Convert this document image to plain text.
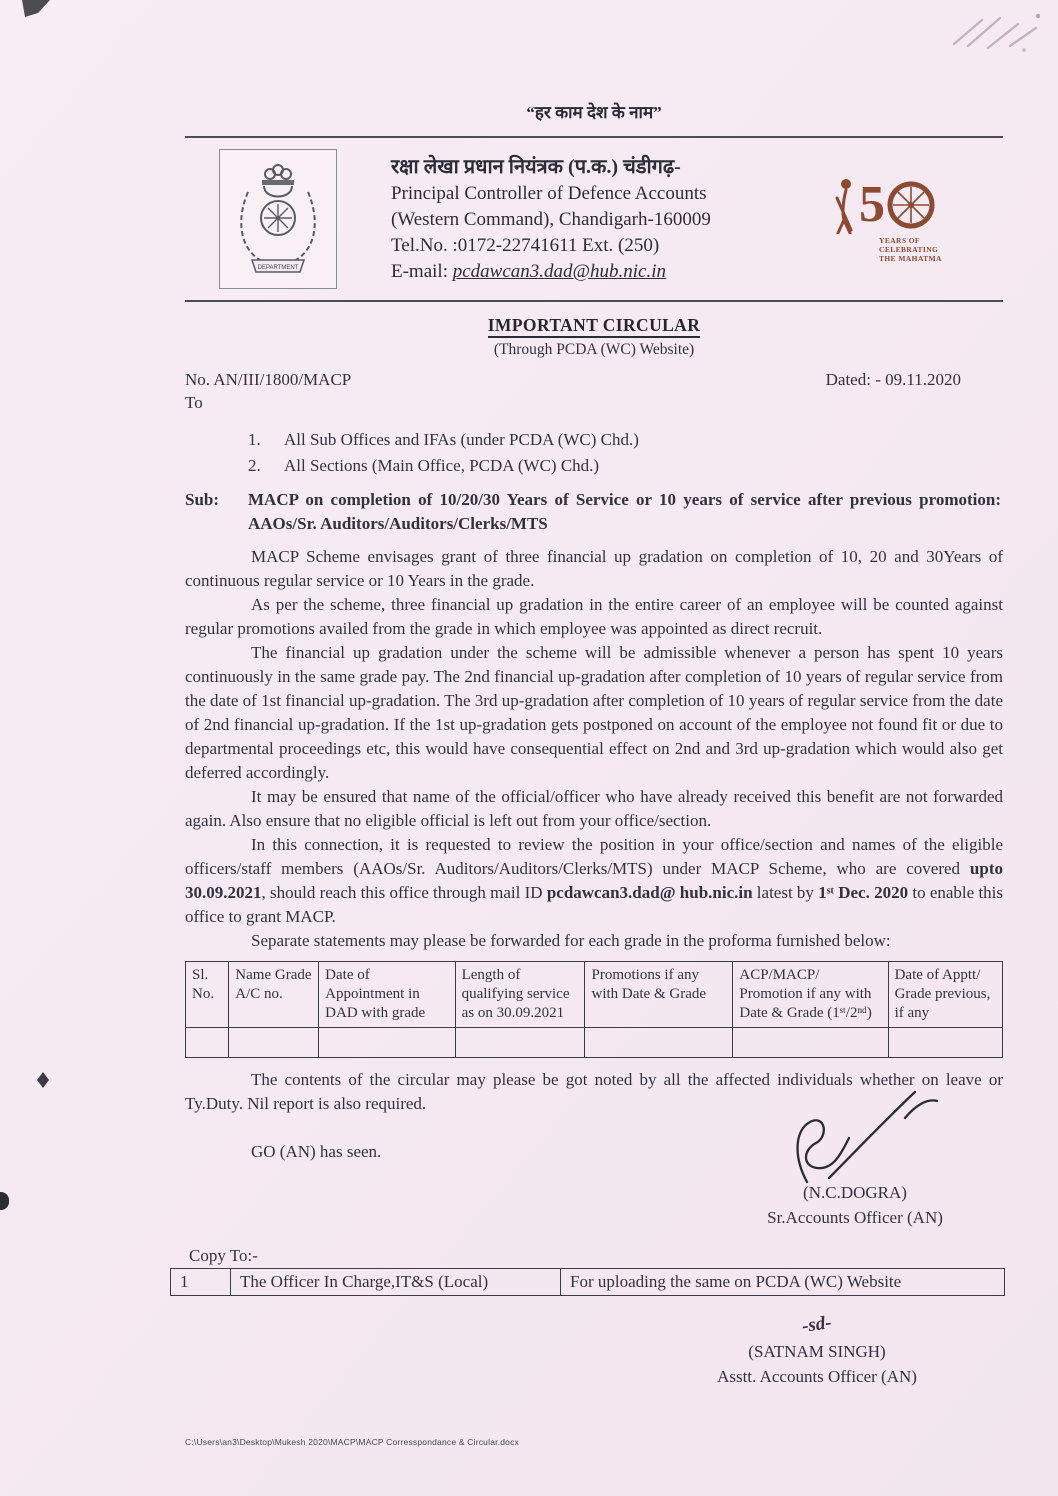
“हर काम देश के नाम”
DEPARTMENT
रक्षा लेखा प्रधान नियंत्रक (प.क.) चंडीगढ़-
Principal Controller of Defence Accounts
(Western Command), Chandigarh-160009
Tel.No. :0172-22741611 Ext. (250)
E-mail: pcdawcan3.dad@hub.nic.in
5
YEARS OF
CELEBRATING
THE MAHATMA
IMPORTANT CIRCULAR
(Through PCDA (WC) Website)
No. AN/III/1800/MACP	Dated: - 09.11.2020
To
1.	All Sub Offices and IFAs (under PCDA (WC) Chd.)
2.	All Sections (Main Office, PCDA (WC) Chd.)
Sub:	MACP on completion of 10/20/30 Years of Service or 10 years of service after previous promotion: AAOs/Sr. Auditors/Auditors/Clerks/MTS

MACP Scheme envisages grant of three financial up gradation on completion of 10, 20 and 30Years of continuous regular service or 10 Years in the grade.

As per the scheme, three financial up gradation in the entire career of an employee will be counted against regular promotions availed from the grade in which employee was appointed as direct recruit.

The financial up gradation under the scheme will be admissible whenever a person has spent 10 years continuously in the same grade pay. The 2nd financial up-gradation after completion of 10 years of regular service from the date of 1st financial up-gradation. The 3rd up-gradation after completion of 10 years of regular service from the date of 2nd financial up-gradation. If the 1st up-gradation gets postponed on account of the employee not found fit or due to departmental proceedings etc, this would have consequential effect on 2nd and 3rd up-gradation which would also get deferred accordingly.

It may be ensured that name of the official/officer who have already received this benefit are not forwarded again. Also ensure that no eligible official is left out from your office/section.

In this connection, it is requested to review the position in your office/section and names of the eligible officers/staff members (AAOs/Sr. Auditors/Auditors/Clerks/MTS) under MACP Scheme, who are covered upto 30.09.2021, should reach this office through mail ID pcdawcan3.dad@ hub.nic.in latest by 1ˢᵗ Dec. 2020 to enable this office to grant MACP.

Separate statements may please be forwarded for each grade in the proforma furnished below:

Sl. No.	Name Grade A/C no.	Date of Appointment in DAD with grade	Length of qualifying service as on 30.09.2021	Promotions if any with Date & Grade	ACP/MACP/ Promotion if any with Date & Grade (1ˢᵗ/2ⁿᵈ)	Date of Apptt/ Grade previous, if any

The contents of the circular may please be got noted by all the affected individuals whether on leave or Ty.Duty. Nil report is also required.

GO (AN) has seen.
(N.C.DOGRA)
Sr.Accounts Officer (AN)
Copy To:-
1	The Officer In Charge,IT&S (Local)	For uploading the same on PCDA (WC) Website
-sd-
(SATNAM SINGH)
Asstt. Accounts Officer (AN)
C:\Users\an3\Desktop\Mukesh 2020\MACP\MACP Corresspondance & Circular.docx
